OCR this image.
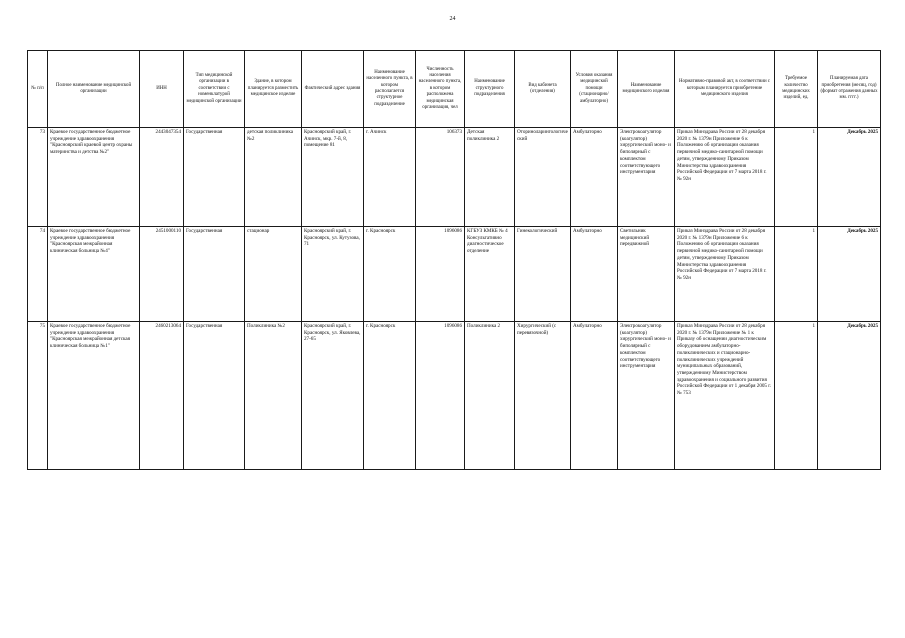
24
№ п/п	Полное наименование медицинской организации	ИНН	Тип медицинской организации в соответствии с номенклатурой медицинской организации	Здание, в котором планируется разместить медицинское изделие	Фактический адрес здания	Наименование населенного пункта, в котором располагается структурное подразделение	Численность населения населенного пункта, в котором расположена медицинская организация, чел	Наименование структурного подразделения	Вид кабинета (отделения)	Условия оказания медицинской помощи (стационарно/амбулаторно)	Наименование медицинского изделия	Нормативно-правовой акт, в соответствии с которым планируется приобретение медицинского изделия	Требуемое количество медицинских изделий, ед.	Планируемая дата приобретения (месяц, год) (формат отражения данных мм. гггг.)
73	Краевое государственное бюджетное учреждение здравоохранения "Красноярский краевой центр охраны материнства и детства №2"	2443047354	Государственная	детская поликлиника №2	Красноярский край, г. Ачинск, мкр. 7-й, 8, помещение 81	г. Ачинск	106373	Детская поликлиника 2	Оториноларингологический	Амбулаторно	Электрокоагулятор (коагулятор) хирургический моно- и биполярный с комплектом соответствующего инструментария	Приказ Минздрава России от 28 декабря 2020 г. № 1379н Приложение 6 к Положению об организации оказания первичной медико-санитарной помощи детям, утвержденному Приказом Министерства здравоохранения Российской Федерации от 7 марта 2018 г. № 92н	1	Декабрь 2025
74	Краевое государственное бюджетное учреждение здравоохранения "Красноярская межрайонная клиническая больница №4"	2451000110	Государственная	стационар	Красноярский край, г. Красноярск, ул. Кутузова, 71	г. Красноярск	1096086	КГБУЗ КМКБ № 4 Консультативно диагностическое отделение	Гинекологический	Амбулаторно	Светильник медицинский передвижной	Приказ Минздрава России от 28 декабря 2020 г. № 1379н Приложение 6 к Положению об организации оказания первичной медико-санитарной помощи детям, утвержденному Приказом Министерства здравоохранения Российской Федерации от 7 марта 2018 г. № 92н	1	Декабрь 2025
75	Краевое государственное бюджетное учреждение здравоохранения "Красноярская межрайонная детская клиническая больница №1"	2460213064	Государственная	Поликлиника №2	Красноярский край, г. Красноярск, ул. Яковлева, 27-65	г. Красноярск	1096086	Поликлиника 2	Хирургический (с перевязочной)	Амбулаторно	Электрокоагулятор (коагулятор) хирургический моно- и биполярный с комплектом соответствующего инструментария	Приказ Минздрава России от 28 декабря 2020 г. № 1379н Приложение № 1 к Приказу об оснащении диагностическим оборудованием амбулаторно-поликлинических и стационарно-поликлинических учреждений муниципальных образований, утвержденному Министерством здравоохранения и социального развития Российской Федерации от 1 декабря 2005 г. № 753	1	Декабрь 2025
